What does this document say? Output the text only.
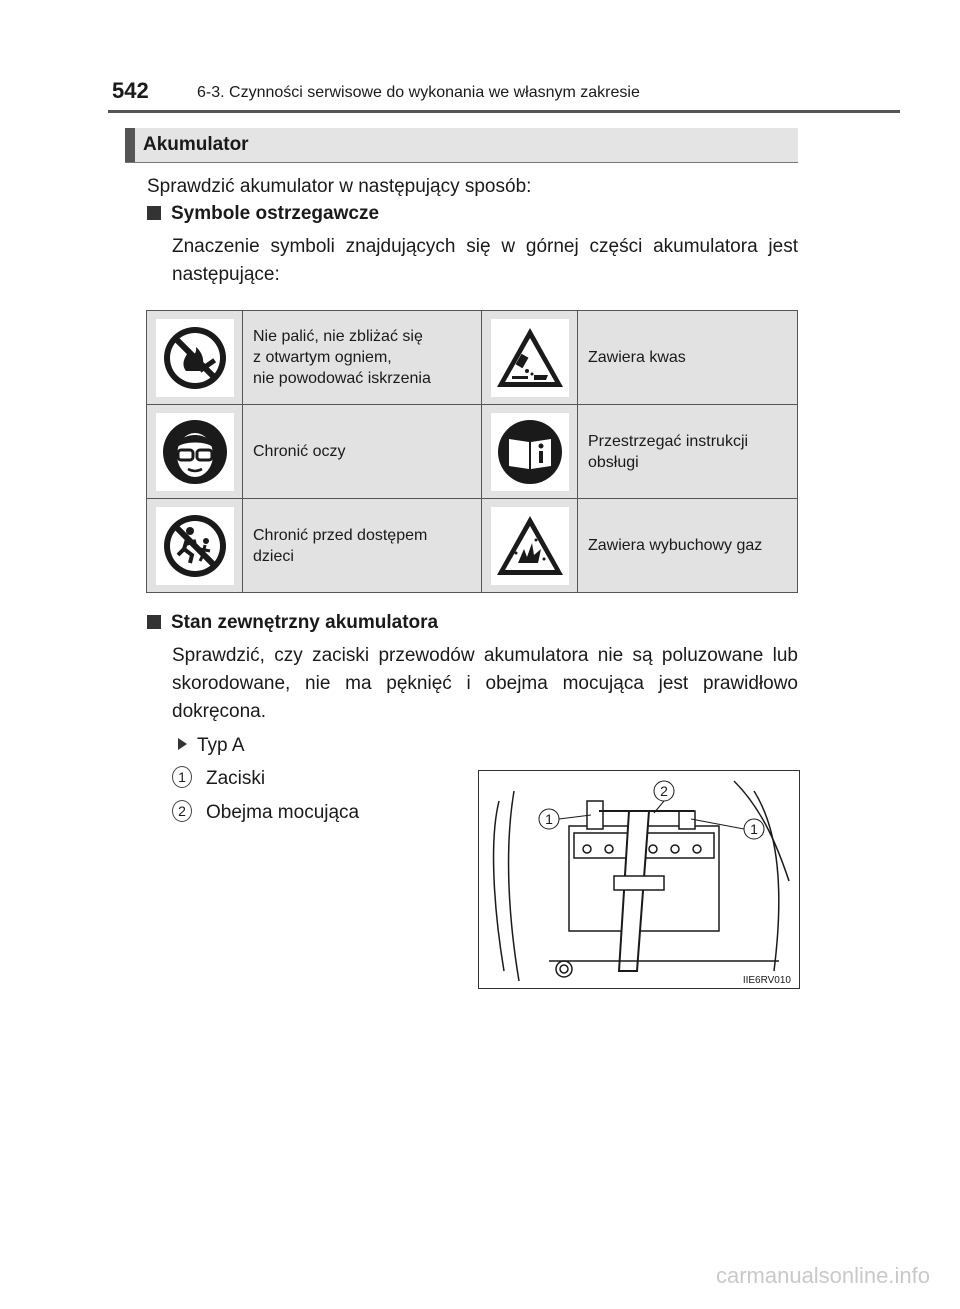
542	6-3. Czynności serwisowe do wykonania we własnym zakresie
Akumulator
Sprawdzić akumulator w następujący sposób:
Symbole ostrzegawcze
Znaczenie symboli znajdujących się w górnej części akumulatora jest następujące:
	Nie palić, nie zbliżać się
z otwartym ogniem,
nie powodować iskrzenia		Zawiera kwas

	Chronić oczy		Przestrzegać instrukcji
obsługi

	Chronić przed dostępem
dzieci		Zawiera wybuchowy gaz
Stan zewnętrzny akumulatora
Sprawdzić, czy zaciski przewodów akumulatora nie są poluzowane lub skorodowane, nie ma pęknięć i obejma mocująca jest prawidłowo dokręcona.
Typ A
1 Zaciski
2 Obejma mocująca	1
2
1
IIE6RV010
carmanualsonline.info
